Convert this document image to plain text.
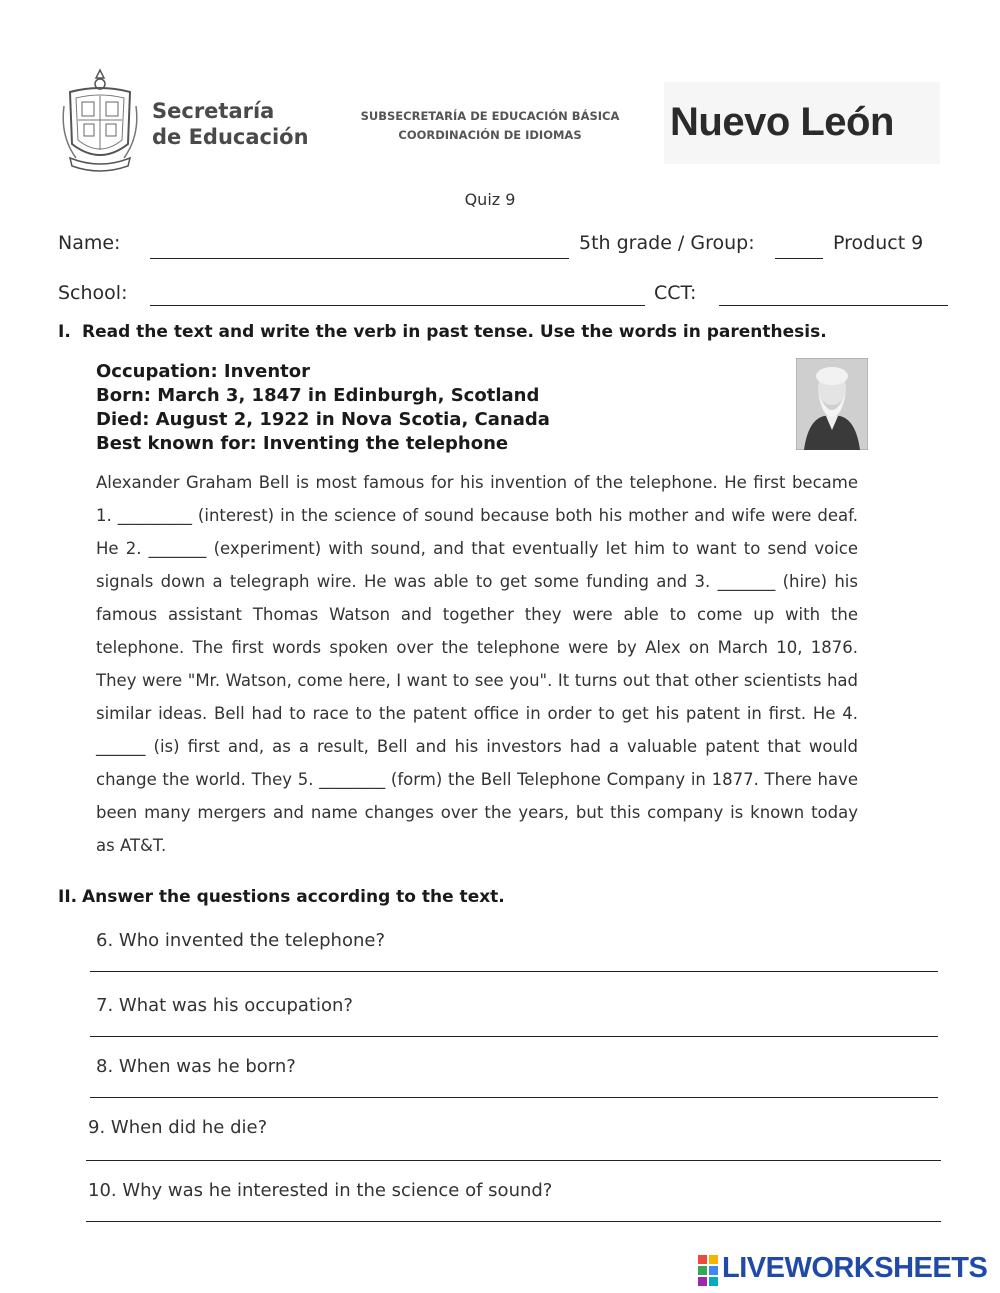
Secretaría
de Educación
SUBSECRETARÍA DE EDUCACIÓN BÁSICA
COORDINACIÓN DE IDIOMAS	Nuevo León
Quiz 9
Name:	5th grade / Group:	Product 9
School:	CCT:
I. Read the text and write the verb in past tense. Use the words in parenthesis.
Occupation: Inventor
Born: March 3, 1847 in Edinburgh, Scotland
Died: August 2, 1922 in Nova Scotia, Canada
Best known for: Inventing the telephone
Alexander Graham Bell is most famous for his invention of the telephone. He first became 1. _________ (interest) in the science of sound because both his mother and wife were deaf. He 2. _______ (experiment) with sound, and that eventually let him to want to send voice signals down a telegraph wire. He was able to get some funding and 3. _______ (hire) his famous assistant Thomas Watson and together they were able to come up with the telephone. The first words spoken over the telephone were by Alex on March 10, 1876. They were "Mr. Watson, come here, I want to see you". It turns out that other scientists had similar ideas. Bell had to race to the patent office in order to get his patent in first. He 4. ______ (is) first and, as a result, Bell and his investors had a valuable patent that would change the world. They 5. ________ (form) the Bell Telephone Company in 1877. There have been many mergers and name changes over the years, but this company is known today as AT&T.
II. Answer the questions according to the text.
6. Who invented the telephone?
7. What was his occupation?
8. When was he born?
9. When did he die?
10. Why was he interested in the science of sound?
LIVEWORKSHEETS
